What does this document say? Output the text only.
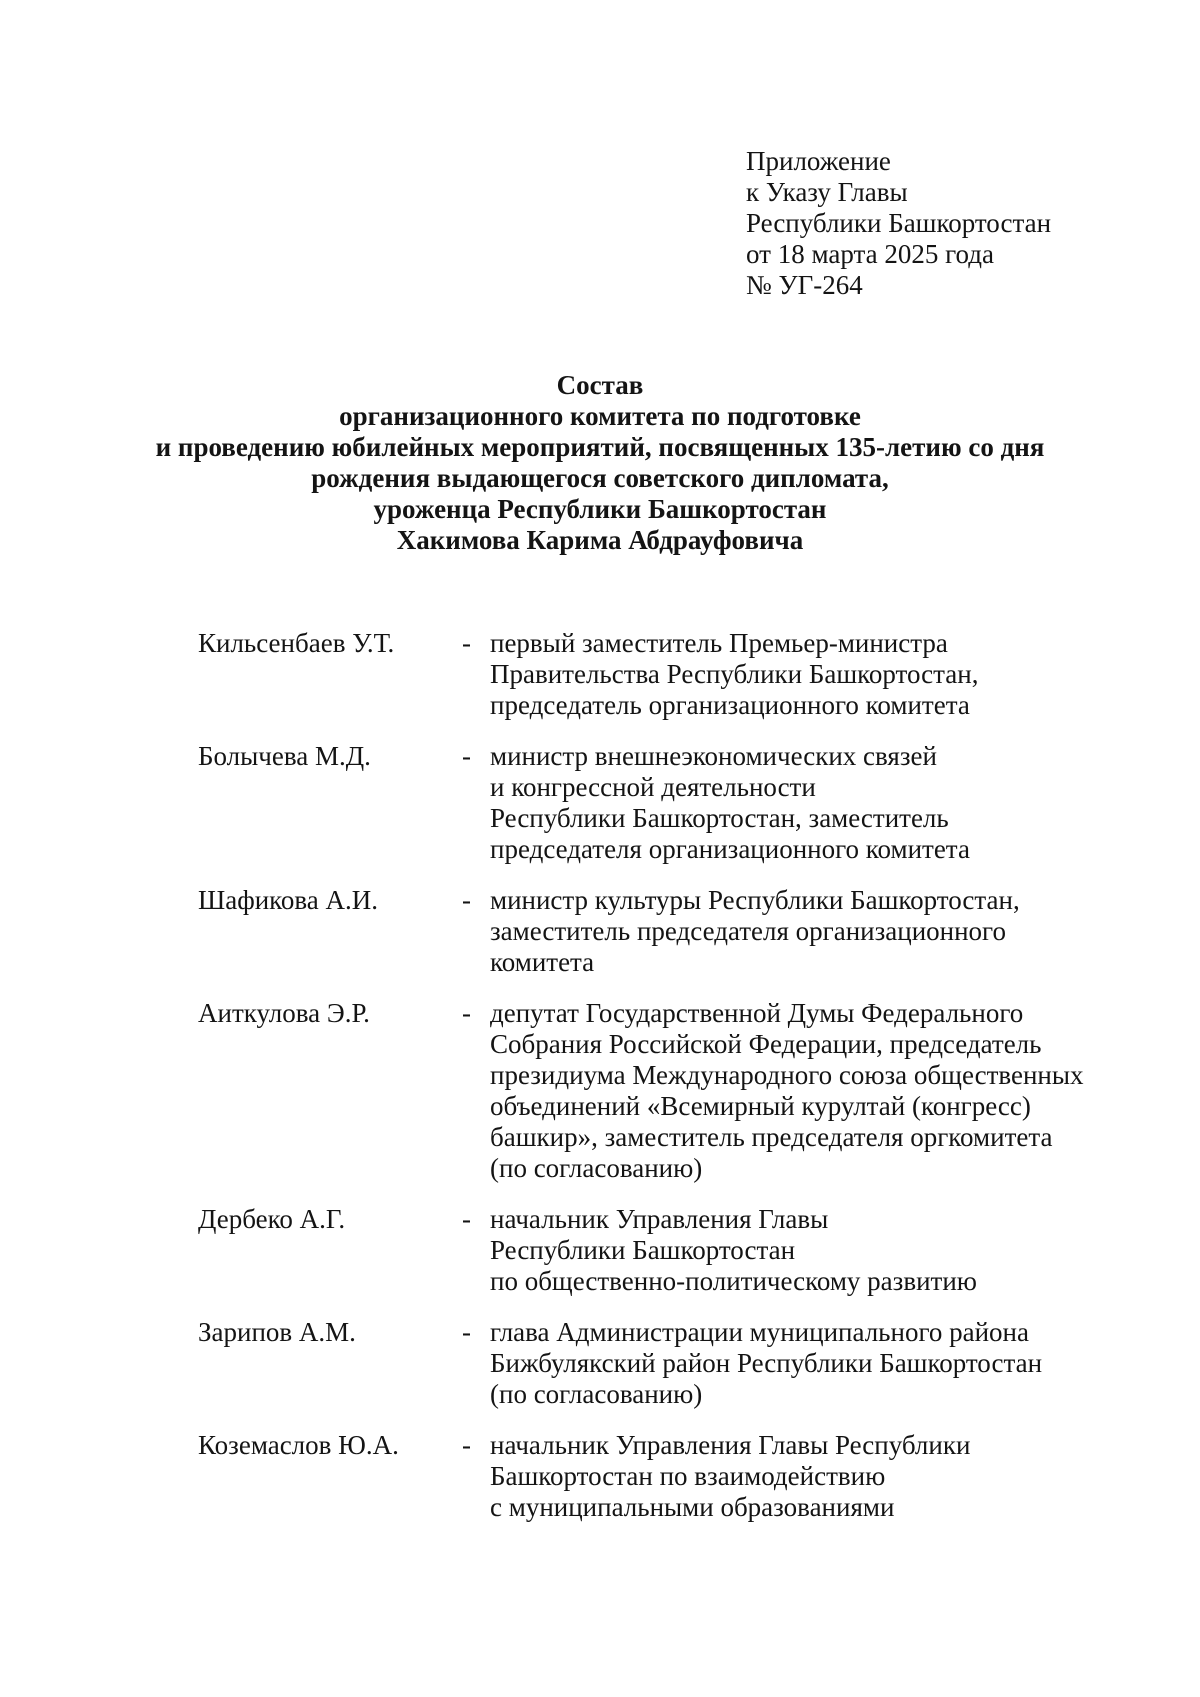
Приложение
к Указу Главы
Республики Башкортостан
от 18 марта 2025 года
№ УГ-264
Состав
организационного комитета по подготовке
и проведению юбилейных мероприятий, посвященных 135-летию со дня
рождения выдающегося советского дипломата,
уроженца Республики Башкортостан
Хакимова Карима Абдрауфовича
Кильсенбаев У.Т.	- первый заместитель Премьер-министра
Правительства Республики Башкортостан,
председатель организационного комитета
Болычева М.Д.	- министр внешнеэкономических связей
и конгрессной деятельности
Республики Башкортостан, заместитель
председателя организационного комитета
Шафикова А.И.	- министр культуры Республики Башкортостан,
заместитель председателя организационного
комитета
Аиткулова Э.Р.	- депутат Государственной Думы Федерального
Собрания Российской Федерации, председатель
президиума Международного союза общественных
объединений «Всемирный курултай (конгресс)
башкир», заместитель председателя оргкомитета
(по согласованию)
Дербеко А.Г.	- начальник Управления Главы
Республики Башкортостан
по общественно-политическому развитию
Зарипов А.М.	- глава Администрации муниципального района
Бижбулякский район Республики Башкортостан
(по согласованию)
Коземаслов Ю.А.	- начальник Управления Главы Республики
Башкортостан по взаимодействию
с муниципальными образованиями
